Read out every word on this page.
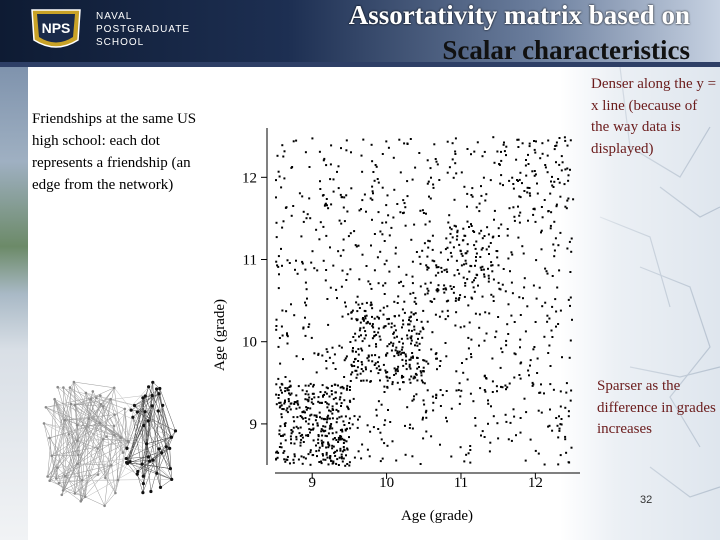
NPS
NAVAL
POSTGRADUATE
SCHOOL
Assortativity matrix based on
Scalar characteristics
Friendships at the same US high school: each dot represents a friendship (an edge from the network)
9	10	11	12
9
10
11
12
Age (grade)
Age (grade)
Denser along the y = x line (because of the way data is displayed)
Sparser as the difference in grades increases
32
